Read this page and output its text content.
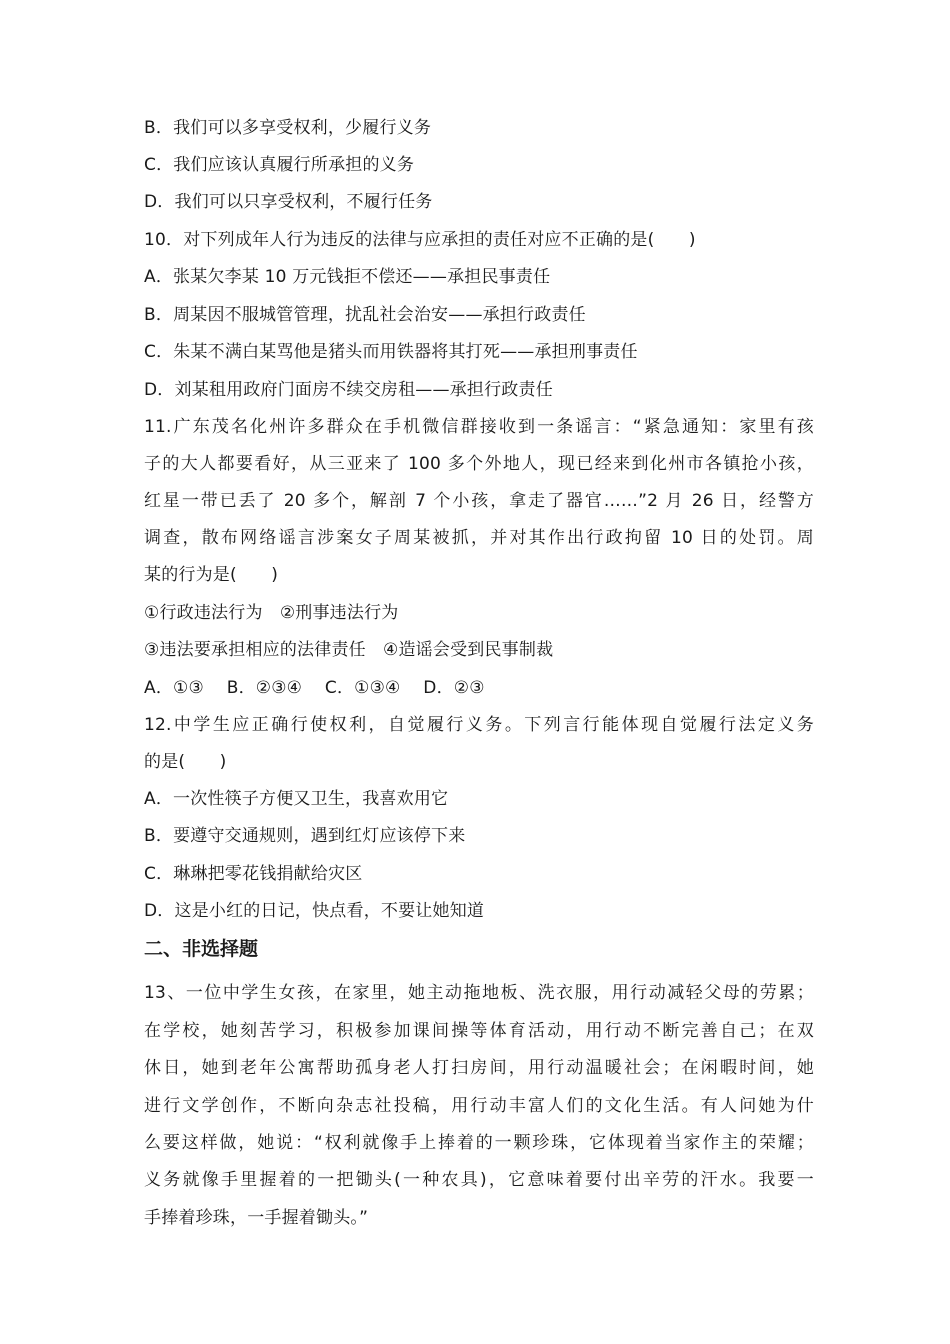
B．我们可以多享受权利，少履行义务
C．我们应该认真履行所承担的义务
D．我们可以只享受权利，不履行任务
10．对下列成年人行为违反的法律与应承担的责任对应不正确的是(　　)
A．张某欠李某 10 万元钱拒不偿还——承担民事责任
B．周某因不服城管管理，扰乱社会治安——承担行政责任
C．朱某不满白某骂他是猪头而用铁器将其打死——承担刑事责任
D．刘某租用政府门面房不续交房租——承担行政责任
11.广东茂名化州许多群众在手机微信群接收到一条谣言：“紧急通知：家里有孩
子的大人都要看好，从三亚来了 100 多个外地人，现已经来到化州市各镇抢小孩，
红星一带已丢了 20 多个，解剖 7 个小孩，拿走了器官……”2 月 26 日，经警方
调查，散布网络谣言涉案女子周某被抓，并对其作出行政拘留 10 日的处罚。周
某的行为是(　　)
①行政违法行为　②刑事违法行为
③违法要承担相应的法律责任　④造谣会受到民事制裁
A．①③　 B．②③④　 C．①③④　 D．②③
12.中学生应正确行使权利，自觉履行义务。下列言行能体现自觉履行法定义务
的是(　　)
A．一次性筷子方便又卫生，我喜欢用它
B．要遵守交通规则，遇到红灯应该停下来
C．琳琳把零花钱捐献给灾区
D．这是小红的日记，快点看，不要让她知道
二、非选择题
13、一位中学生女孩，在家里，她主动拖地板、洗衣服，用行动减轻父母的劳累；
在学校，她刻苦学习，积极参加课间操等体育活动，用行动不断完善自己；在双
休日，她到老年公寓帮助孤身老人打扫房间，用行动温暖社会；在闲暇时间，她
进行文学创作，不断向杂志社投稿，用行动丰富人们的文化生活。有人问她为什
么要这样做，她说：“权利就像手上捧着的一颗珍珠，它体现着当家作主的荣耀；
义务就像手里握着的一把锄头(一种农具)，它意味着要付出辛劳的汗水。我要一
手捧着珍珠，一手握着锄头。”
